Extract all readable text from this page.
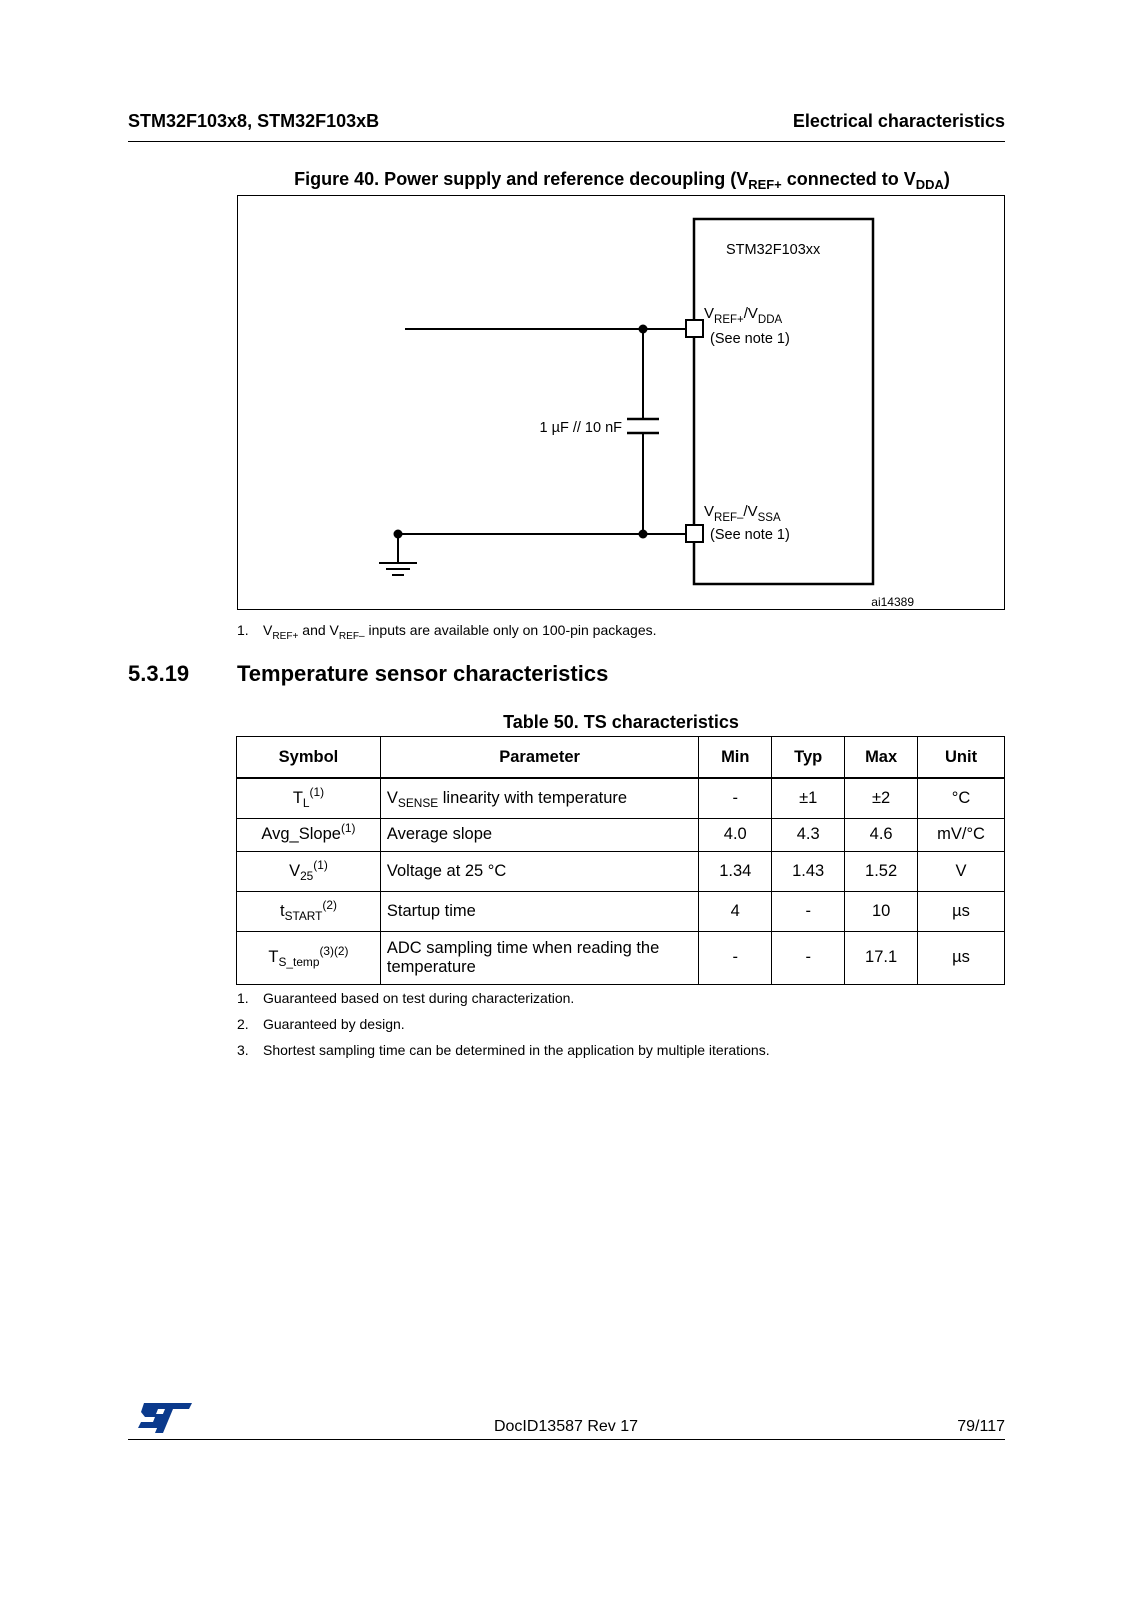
STM32F103x8, STM32F103xB	Electrical characteristics
Figure 40. Power supply and reference decoupling ($V_{REF+}$ connected to $V_{DDA}$)
STM32F103xx
$V_{REF+}/V_{DDA}$
(See note 1)
$V_{REF-}/V_{SSA}$
(See note 1)
1 µF // 10 nF
ai14389
1. $V_{REF+}$ and $V_{REF-}$ inputs are available only on 100-pin packages.
5.3.19 Temperature sensor characteristics
Table 50. TS characteristics
Symbol	Parameter	Min	Typ	Max	Unit
$T_L^{(1)}$	$V_{SENSE}$ linearity with temperature	-	±1	±2	°C
Avg_Slope$^{(1)}$	Average slope	4.0	4.3	4.6	mV/°C
$V_{25}^{(1)}$	Voltage at 25 °C	1.34	1.43	1.52	V
$t_{START}^{(2)}$	Startup time	4	-	10	µs
$T_{S\_temp}^{(3)(2)}$	ADC sampling time when reading the temperature	-	-	17.1	µs
1. Guaranteed based on test during characterization.
2. Guaranteed by design.
3. Shortest sampling time can be determined in the application by multiple iterations.
DocID13587 Rev 17	79/117
